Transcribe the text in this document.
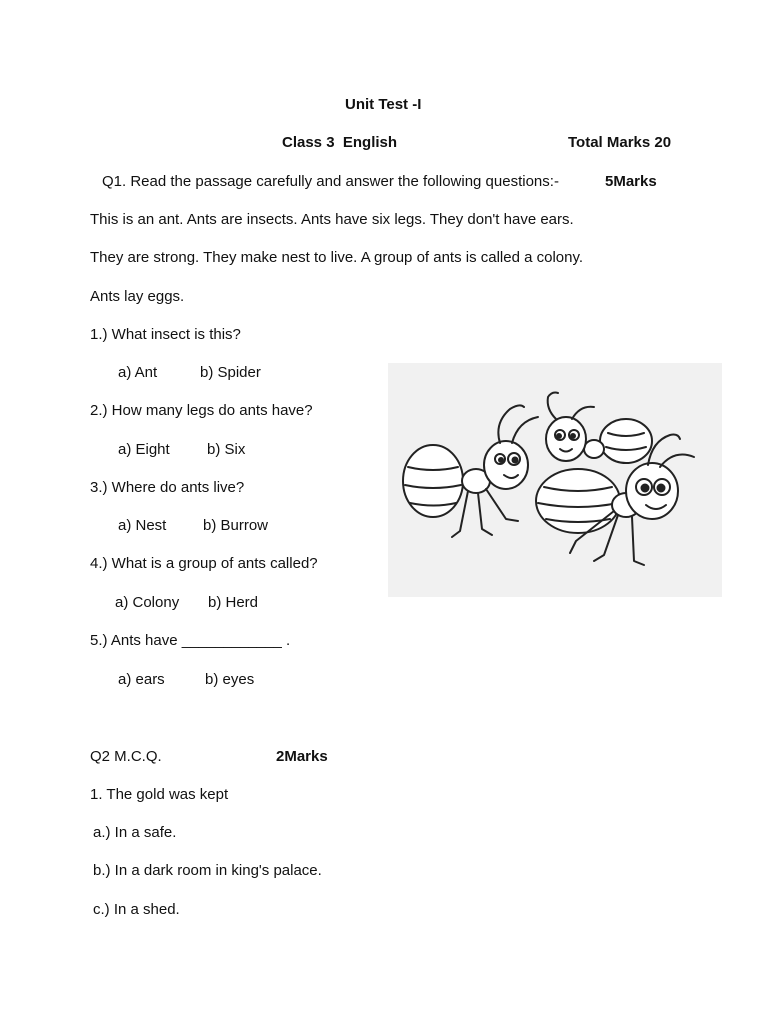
Unit Test -I
Class 3  English	Total Marks 20
Q1. Read the passage carefully and answer the following questions:-	5Marks
This is an ant. Ants are insects. Ants have six legs. They don't have ears.
They are strong. They make nest to live. A group of ants is called a colony.
Ants lay eggs.
1.) What insect is this?
a) Ant	b) Spider
2.) How many legs do ants have?
a) Eight b) Six
3.) Where do ants live?
a) Nest b) Burrow
4.) What is a group of ants called?
a) Colony b) Herd
5.) Ants have ____________ .
a) ears	b) eyes
Q2 M.C.Q.	2Marks
1. The gold was kept
a.) In a safe.
b.) In a dark room in king's palace.
c.) In a shed.
